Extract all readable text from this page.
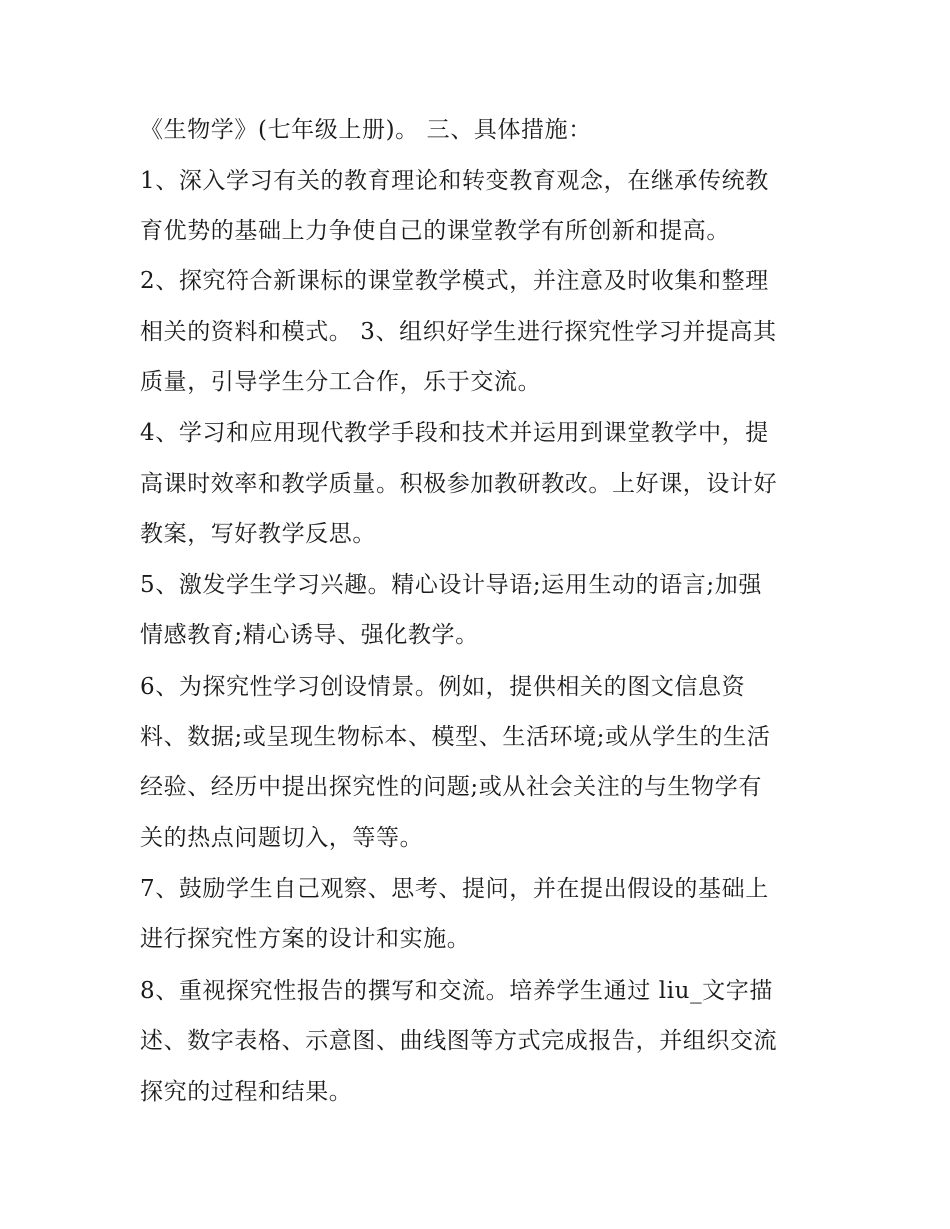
《生物学》(七年级上册)。 三、具体措施：

1、深入学习有关的教育理论和转变教育观念，在继承传统教

育优势的基础上力争使自己的课堂教学有所创新和提高。

2、探究符合新课标的课堂教学模式，并注意及时收集和整理

相关的资料和模式。 3、组织好学生进行探究性学习并提高其

质量，引导学生分工合作，乐于交流。

4、学习和应用现代教学手段和技术并运用到课堂教学中，提

高课时效率和教学质量。积极参加教研教改。上好课，设计好

教案，写好教学反思。

5、激发学生学习兴趣。精心设计导语;运用生动的语言;加强

情感教育;精心诱导、强化教学。

6、为探究性学习创设情景。例如，提供相关的图文信息资

料、数据;或呈现生物标本、模型、生活环境;或从学生的生活

经验、经历中提出探究性的问题;或从社会关注的与生物学有

关的热点问题切入，等等。

7、鼓励学生自己观察、思考、提问，并在提出假设的基础上

进行探究性方案的设计和实施。

8、重视探究性报告的撰写和交流。培养学生通过 liu_文字描

述、数字表格、示意图、曲线图等方式完成报告，并组织交流

探究的过程和结果。
